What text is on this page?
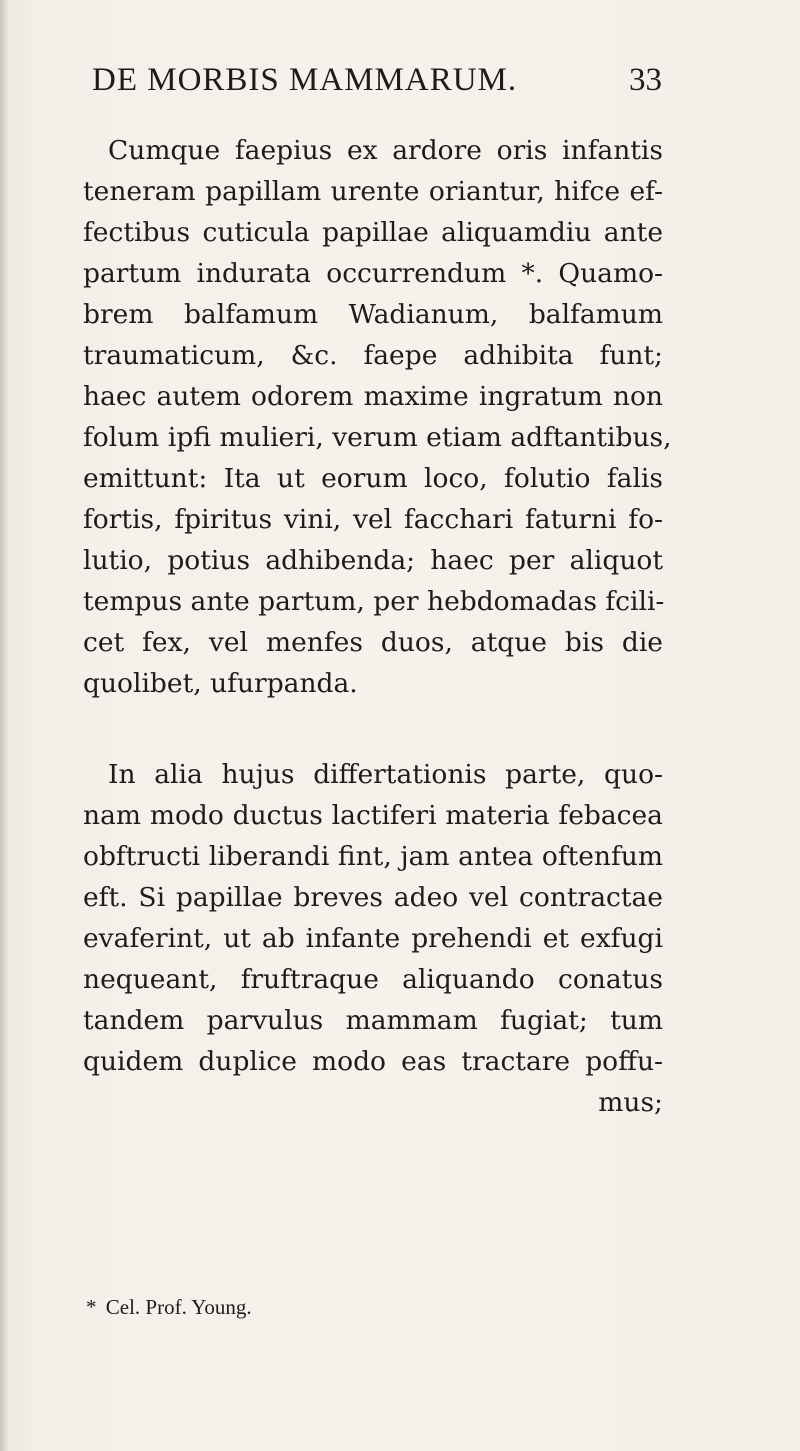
DE MORBIS MAMMARUM.	33
Cumque faepius ex ardore oris infantis
teneram papillam urente oriantur, hifce ef-
fectibus cuticula papillae aliquamdiu ante
partum indurata occurrendum *. Quamo-
brem balfamum Wadianum, balfamum
traumaticum, &c. faepe adhibita funt;
haec autem odorem maxime ingratum non
folum ipfi mulieri, verum etiam adftantibus,
emittunt: Ita ut eorum loco, folutio falis
fortis, fpiritus vini, vel facchari faturni fo-
lutio, potius adhibenda; haec per aliquot
tempus ante partum, per hebdomadas fcili-
cet fex, vel menfes duos, atque bis die
quolibet, ufurpanda.
In alia hujus differtationis parte, quo-
nam modo ductus lactiferi materia febacea
obftructi liberandi fint, jam antea oftenfum
eft. Si papillae breves adeo vel contractae
evaferint, ut ab infante prehendi et exfugi
nequeant, fruftraque aliquando conatus
tandem parvulus mammam fugiat; tum
quidem duplice modo eas tractare poffu-
mus;
* Cel. Prof. Young.
